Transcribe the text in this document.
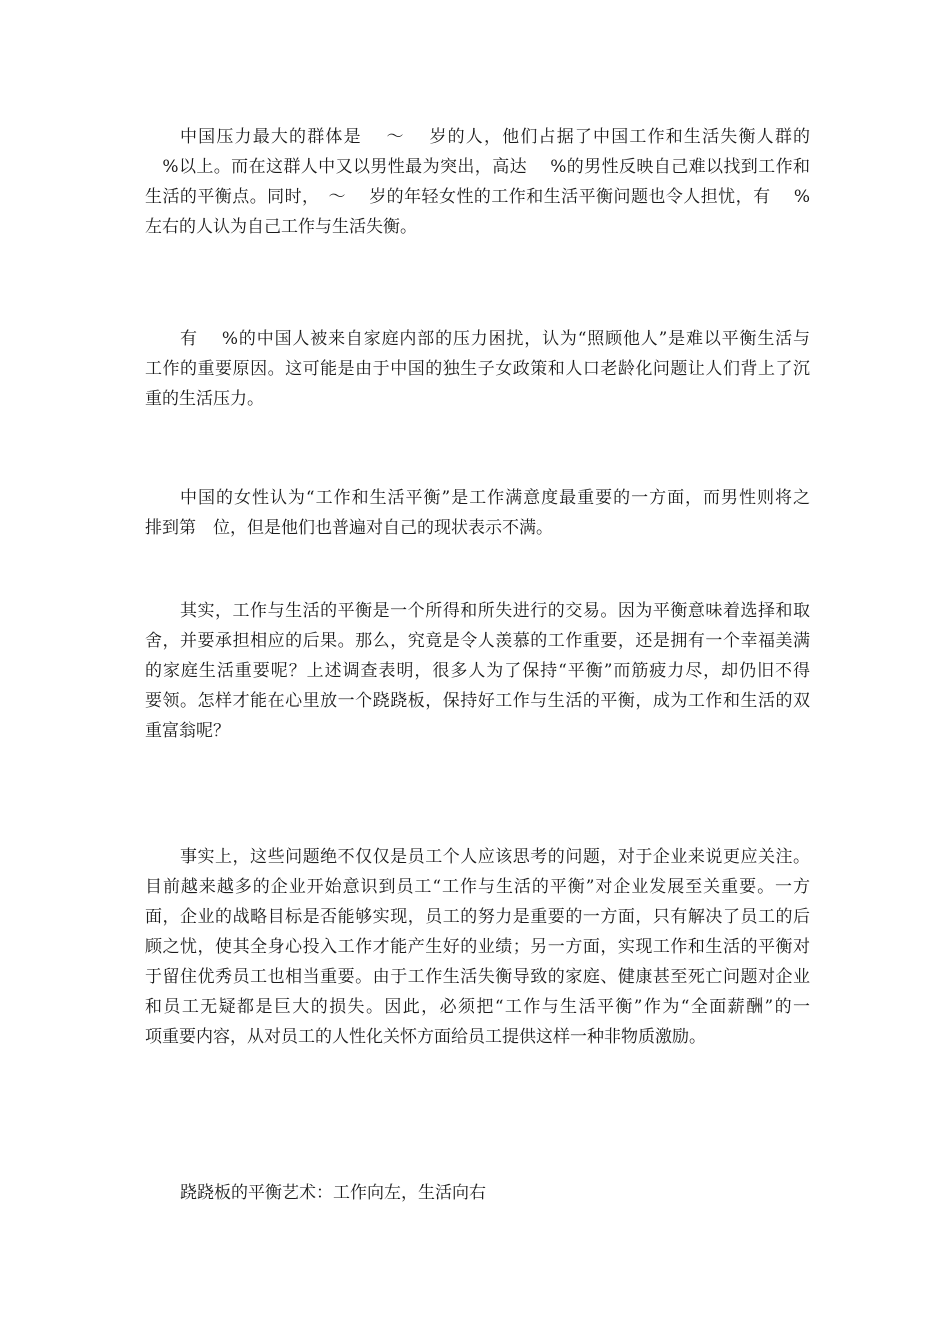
中国压力最大的群体是　 ～　 岁的人，他们占据了中国工作和生活失衡人群的
　%以上。而在这群人中又以男性最为突出，高达　 %的男性反映自己难以找到工作和
生活的平衡点。同时，　～　 岁的年轻女性的工作和生活平衡问题也令人担忧，有　 %
左右的人认为自己工作与生活失衡。
有　 %的中国人被来自家庭内部的压力困扰，认为“照顾他人”是难以平衡生活与
工作的重要原因。这可能是由于中国的独生子女政策和人口老龄化问题让人们背上了沉
重的生活压力。
中国的女性认为“工作和生活平衡”是工作满意度最重要的一方面，而男性则将之
排到第　位，但是他们也普遍对自己的现状表示不满。
其实，工作与生活的平衡是一个所得和所失进行的交易。因为平衡意味着选择和取
舍，并要承担相应的后果。那么，究竟是令人羡慕的工作重要，还是拥有一个幸福美满
的家庭生活重要呢？上述调查表明，很多人为了保持“平衡”而筋疲力尽，却仍旧不得
要领。怎样才能在心里放一个跷跷板，保持好工作与生活的平衡，成为工作和生活的双
重富翁呢？
事实上，这些问题绝不仅仅是员工个人应该思考的问题，对于企业来说更应关注。
目前越来越多的企业开始意识到员工“工作与生活的平衡”对企业发展至关重要。一方
面，企业的战略目标是否能够实现，员工的努力是重要的一方面，只有解决了员工的后
顾之忧，使其全身心投入工作才能产生好的业绩；另一方面，实现工作和生活的平衡对
于留住优秀员工也相当重要。由于工作生活失衡导致的家庭、健康甚至死亡问题对企业
和员工无疑都是巨大的损失。因此，必须把“工作与生活平衡”作为“全面薪酬”的一
项重要内容，从对员工的人性化关怀方面给员工提供这样一种非物质激励。
跷跷板的平衡艺术：工作向左，生活向右
